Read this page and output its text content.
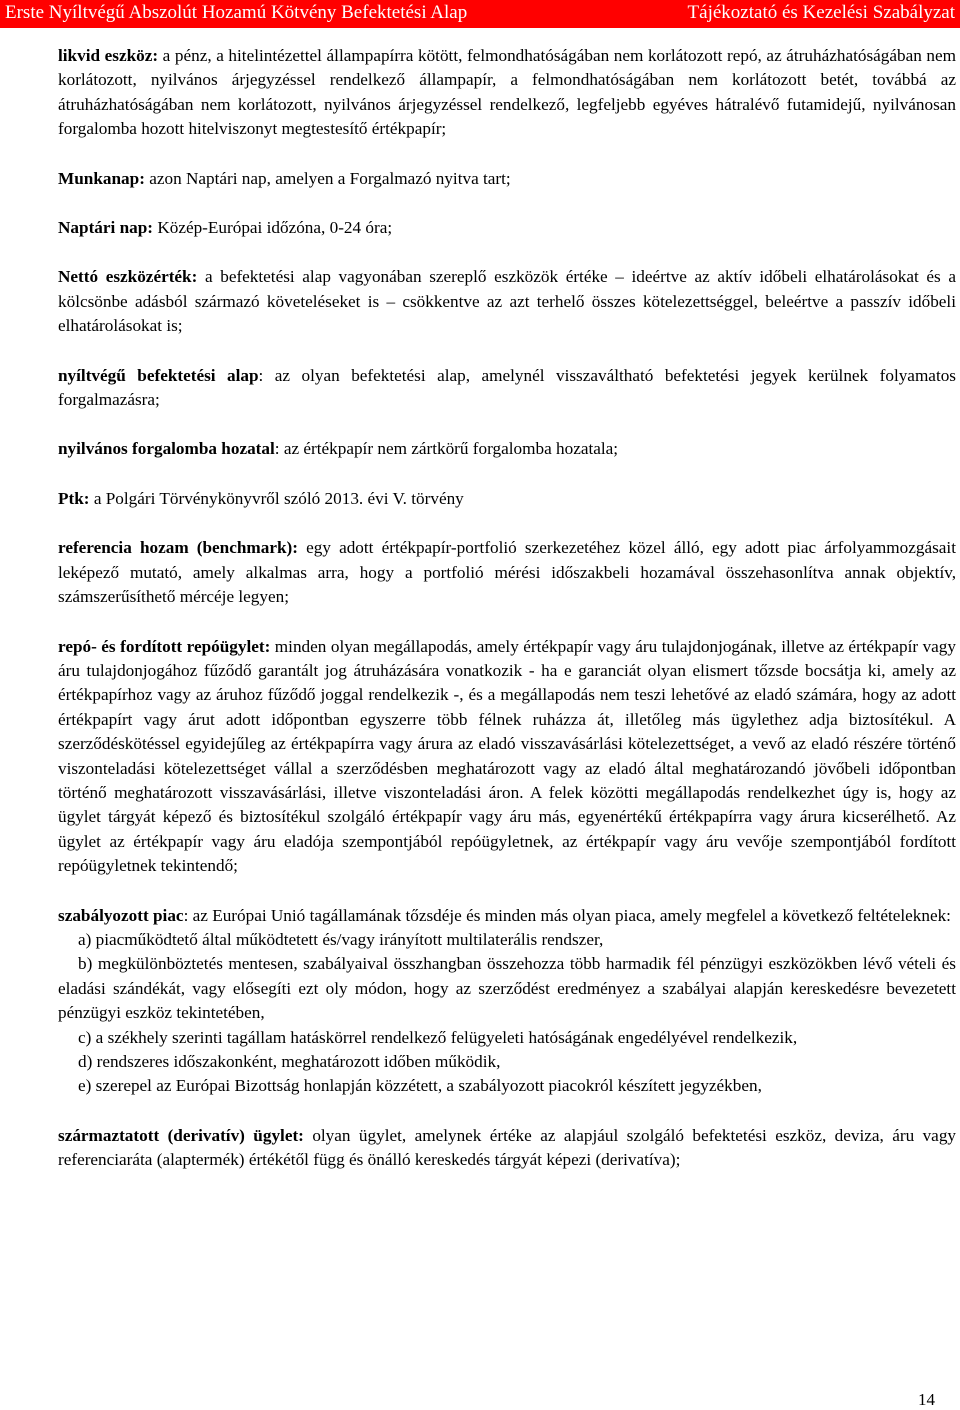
Erste Nyíltvégű Abszolút Hozamú Kötvény Befektetési Alap	Tájékoztató és Kezelési Szabályzat

likvid eszköz: a pénz, a hitelintézettel állampapírra kötött, felmondhatóságában nem korlátozott repó, az átruházhatóságában nem korlátozott, nyilvános árjegyzéssel rendelkező állampapír, a felmondhatóságában nem korlátozott betét, továbbá az átruházhatóságában nem korlátozott, nyilvános árjegyzéssel rendelkező, legfeljebb egyéves hátralévő futamidejű, nyilvánosan forgalomba hozott hitelviszonyt megtestesítő értékpapír;

Munkanap: azon Naptári nap, amelyen a Forgalmazó nyitva tart;

Naptári nap: Közép-Európai időzóna, 0-24 óra;

Nettó eszközérték: a befektetési alap vagyonában szereplő eszközök értéke – ideértve az aktív időbeli elhatárolásokat és a kölcsönbe adásból származó követeléseket is – csökkentve az azt terhelő összes kötelezettséggel, beleértve a passzív időbeli elhatárolásokat is;

nyíltvégű befektetési alap: az olyan befektetési alap, amelynél visszaváltható befektetési jegyek kerülnek folyamatos forgalmazásra;

nyilvános forgalomba hozatal: az értékpapír nem zártkörű forgalomba hozatala;

Ptk: a Polgári Törvénykönyvről szóló 2013. évi V. törvény

referencia hozam (benchmark): egy adott értékpapír-portfolió szerkezetéhez közel álló, egy adott piac árfolyammozgásait leképező mutató, amely alkalmas arra, hogy a portfolió mérési időszakbeli hozamával összehasonlítva annak objektív, számszerűsíthető mércéje legyen;

repó- és fordított repóügylet: minden olyan megállapodás, amely értékpapír vagy áru tulajdonjogának, illetve az értékpapír vagy áru tulajdonjogához fűződő garantált jog átruházására vonatkozik - ha e garanciát olyan elismert tőzsde bocsátja ki, amely az értékpapírhoz vagy az áruhoz fűződő joggal rendelkezik -, és a megállapodás nem teszi lehetővé az eladó számára, hogy az adott értékpapírt vagy árut adott időpontban egyszerre több félnek ruházza át, illetőleg más ügylethez adja biztosítékul. A szerződéskötéssel egyidejűleg az értékpapírra vagy árura az eladó visszavásárlási kötelezettséget, a vevő az eladó részére történő viszonteladási kötelezettséget vállal a szerződésben meghatározott vagy az eladó által meghatározandó jövőbeli időpontban történő meghatározott visszavásárlási, illetve viszonteladási áron. A felek közötti megállapodás rendelkezhet úgy is, hogy az ügylet tárgyát képező és biztosítékul szolgáló értékpapír vagy áru más, egyenértékű értékpapírra vagy árura kicserélhető. Az ügylet az értékpapír vagy áru eladója szempontjából repóügyletnek, az értékpapír vagy áru vevője szempontjából fordított repóügyletnek tekintendő;

szabályozott piac: az Európai Unió tagállamának tőzsdéje és minden más olyan piaca, amely megfelel a következő feltételeknek:
a) piacműködtető által működtetett és/vagy irányított multilaterális rendszer,
b) megkülönböztetés mentesen, szabályaival összhangban összehozza több harmadik fél pénzügyi eszközökben lévő vételi és eladási szándékát, vagy elősegíti ezt oly módon, hogy az szerződést eredményez a szabályai alapján kereskedésre bevezetett pénzügyi eszköz tekintetében,
c) a székhely szerinti tagállam hatáskörrel rendelkező felügyeleti hatóságának engedélyével rendelkezik,
d) rendszeres időszakonként, meghatározott időben működik,
e) szerepel az Európai Bizottság honlapján közzétett, a szabályozott piacokról készített jegyzékben,

származtatott (derivatív) ügylet: olyan ügylet, amelynek értéke az alapjául szolgáló befektetési eszköz, deviza, áru vagy referenciaráta (alaptermék) értékétől függ és önálló kereskedés tárgyát képezi (derivatíva);

14
